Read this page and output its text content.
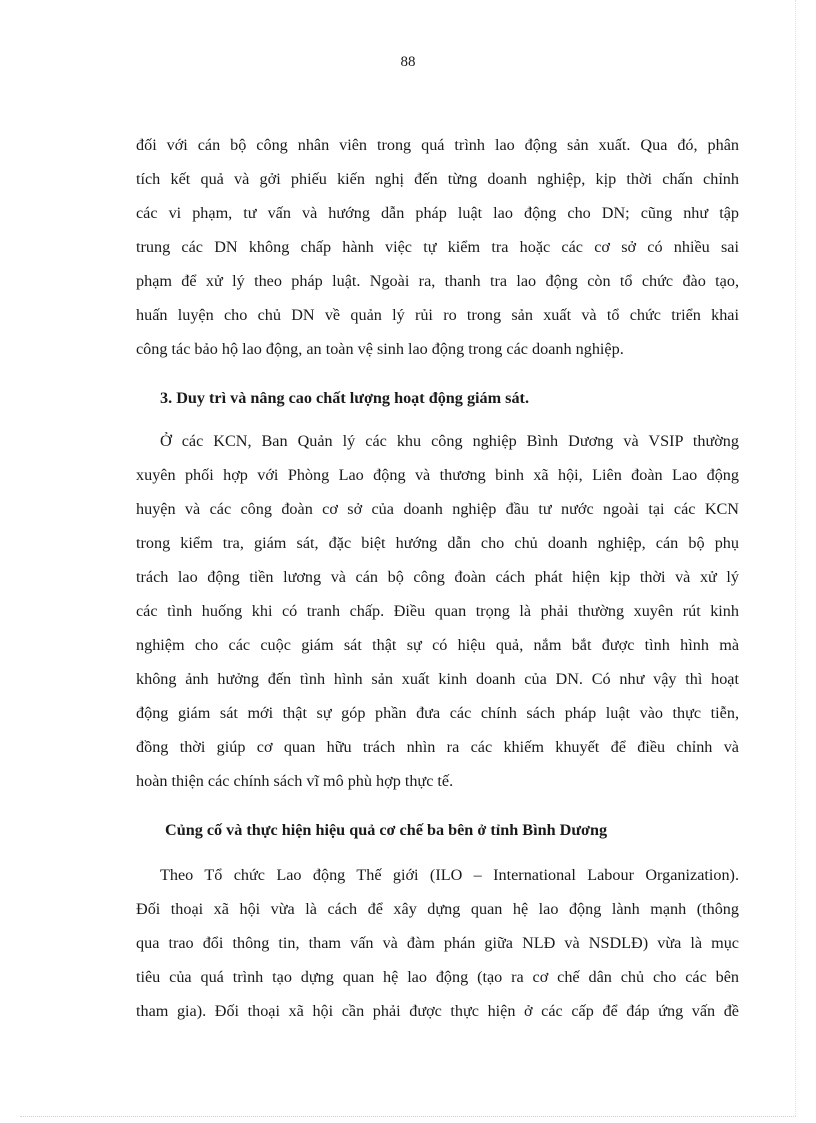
88
đối với cán bộ công nhân viên trong quá trình lao động sản xuất. Qua đó, phân
tích kết quả và gởi phiếu kiến nghị đến từng doanh nghiệp, kịp thời chấn chỉnh
các vi phạm, tư vấn và hướng dẫn pháp luật lao động cho DN; cũng như tập
trung các DN không chấp hành việc tự kiểm tra hoặc các cơ sở có nhiều sai
phạm để xử lý theo pháp luật. Ngoài ra, thanh tra lao động còn tổ chức đào tạo,
huấn luyện cho chủ DN về quản lý rủi ro trong sản xuất và tổ chức triển khai
công tác bảo hộ lao động, an toàn vệ sinh lao động trong các doanh nghiệp.
3. Duy trì và nâng cao chất lượng hoạt động giám sát.
Ở các KCN, Ban Quản lý các khu công nghiệp Bình Dương và VSIP thường
xuyên phối hợp với Phòng Lao động và thương binh xã hội, Liên đoàn Lao động
huyện và các công đoàn cơ sở của doanh nghiệp đầu tư nước ngoài tại các KCN
trong kiểm tra, giám sát, đặc biệt hướng dẫn cho chủ doanh nghiệp, cán bộ phụ
trách lao động tiền lương và cán bộ công đoàn cách phát hiện kịp thời và xử lý
các tình huống khi có tranh chấp. Điều quan trọng là phải thường xuyên rút kinh
nghiệm cho các cuộc giám sát thật sự có hiệu quả, nắm bắt được tình hình mà
không ảnh hưởng đến tình hình sản xuất kinh doanh của DN. Có như vậy thì hoạt
động giám sát mới thật sự góp phần đưa các chính sách pháp luật vào thực tiễn,
đồng thời giúp cơ quan hữu trách nhìn ra các khiếm khuyết để điều chỉnh và
hoàn thiện các chính sách vĩ mô phù hợp thực tế.
Củng cố và thực hiện hiệu quả cơ chế ba bên ở tỉnh Bình Dương
Theo Tổ chức Lao động Thế giới (ILO – International Labour Organization).
Đối thoại xã hội vừa là cách để xây dựng quan hệ lao động lành mạnh (thông
qua trao đổi thông tin, tham vấn và đàm phán giữa NLĐ và NSDLĐ) vừa là mục
tiêu của quá trình tạo dựng quan hệ lao động (tạo ra cơ chế dân chủ cho các bên
tham gia). Đối thoại xã hội cần phải được thực hiện ở các cấp để đáp ứng vấn đề
